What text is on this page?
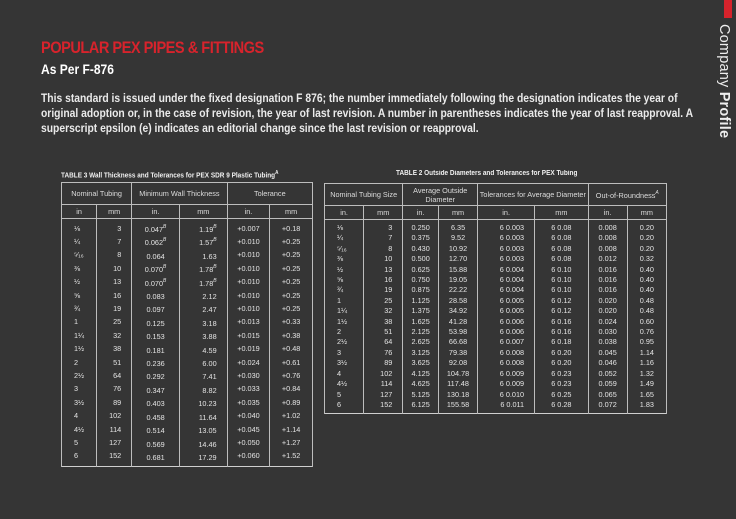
Company Profile
POPULAR PEX PIPES & FITTINGS
As Per F-876

This standard is issued under the fixed designation F 876; the number immediately following the designation indicates the year of original adoption or, in the case of revision, the year of last revision. A number in parentheses indicates the year of last reapproval. A superscript epsilon (e) indicates an editorial change since the last revision or reapproval.

TABLE 3 Wall Thickness and Tolerances for PEX SDR 9 Plastic Tubing$^A$
Nominal Tubing		Minimum Wall Thickness		Tolerance	
in	mm	in.	mm	in.	mm
⅛	3	$0.047^B$	$1.19^B$	+0.007	+0.18
¼	7	$0.062^B$	$1.57^B$	+0.010	+0.25
⁵⁄₁₆	8	0.064	1.63	+0.010	+0.25
⅜	10	$0.070^B$	$1.78^B$	+0.010	+0.25
½	13	$0.070^B$	$1.78^B$	+0.010	+0.25
⅝	16	0.083	2.12	+0.010	+0.25
¾	19	0.097	2.47	+0.010	+0.25
1	25	0.125	3.18	+0.013	+0.33
1¼	32	0.153	3.88	+0.015	+0.38
1½	38	0.181	4.59	+0.019	+0.48
2	51	0.236	6.00	+0.024	+0.61
2½	64	0.292	7.41	+0.030	+0.76
3	76	0.347	8.82	+0.033	+0.84
3½	89	0.403	10.23	+0.035	+0.89
4	102	0.458	11.64	+0.040	+1.02
4½	114	0.514	13.05	+0.045	+1.14
5	127	0.569	14.46	+0.050	+1.27
6	152	0.681	17.29	+0.060	+1.52
TABLE 2 Outside Diameters and Tolerances for PEX Tubing
Nominal Tubing Size		Average Outside Diameter		Tolerances for Average Diameter		Out-of-Roundness$^A$
in.	mm	in.	mm	in.	mm	in.	mm
⅛	3	0.250	6.35	6 0.003	6 0.08	0.008	0.20
¼	7	0.375	9.52	6 0.003	6 0.08	0.008	0.20
⁵⁄₁₆	8	0.430	10.92	6 0.003	6 0.08	0.008	0.20
⅜	10	0.500	12.70	6 0.003	6 0.08	0.012	0.32
½	13	0.625	15.88	6 0.004	6 0.10	0.016	0.40
⅝	16	0.750	19.05	6 0.004	6 0.10	0.016	0.40
¾	19	0.875	22.22	6 0.004	6 0.10	0.016	0.40
1	25	1.125	28.58	6 0.005	6 0.12	0.020	0.48
1¼	32	1.375	34.92	6 0.005	6 0.12	0.020	0.48
1½	38	1.625	41.28	6 0.006	6 0.16	0.024	0.60
2	51	2.125	53.98	6 0.006	6 0.16	0.030	0.76
2½	64	2.625	66.68	6 0.007	6 0.18	0.038	0.95
3	76	3.125	79.38	6 0.008	6 0.20	0.045	1.14
3½	89	3.625	92.08	6 0.008	6 0.20	0.046	1.16
4	102	4.125	104.78	6 0.009	6 0.23	0.052	1.32
4½	114	4.625	117.48	6 0.009	6 0.23	0.059	1.49
5	127	5.125	130.18	6 0.010	6 0.25	0.065	1.65
6	152	6.125	155.58	6 0.011	6 0.28	0.072	1.83
